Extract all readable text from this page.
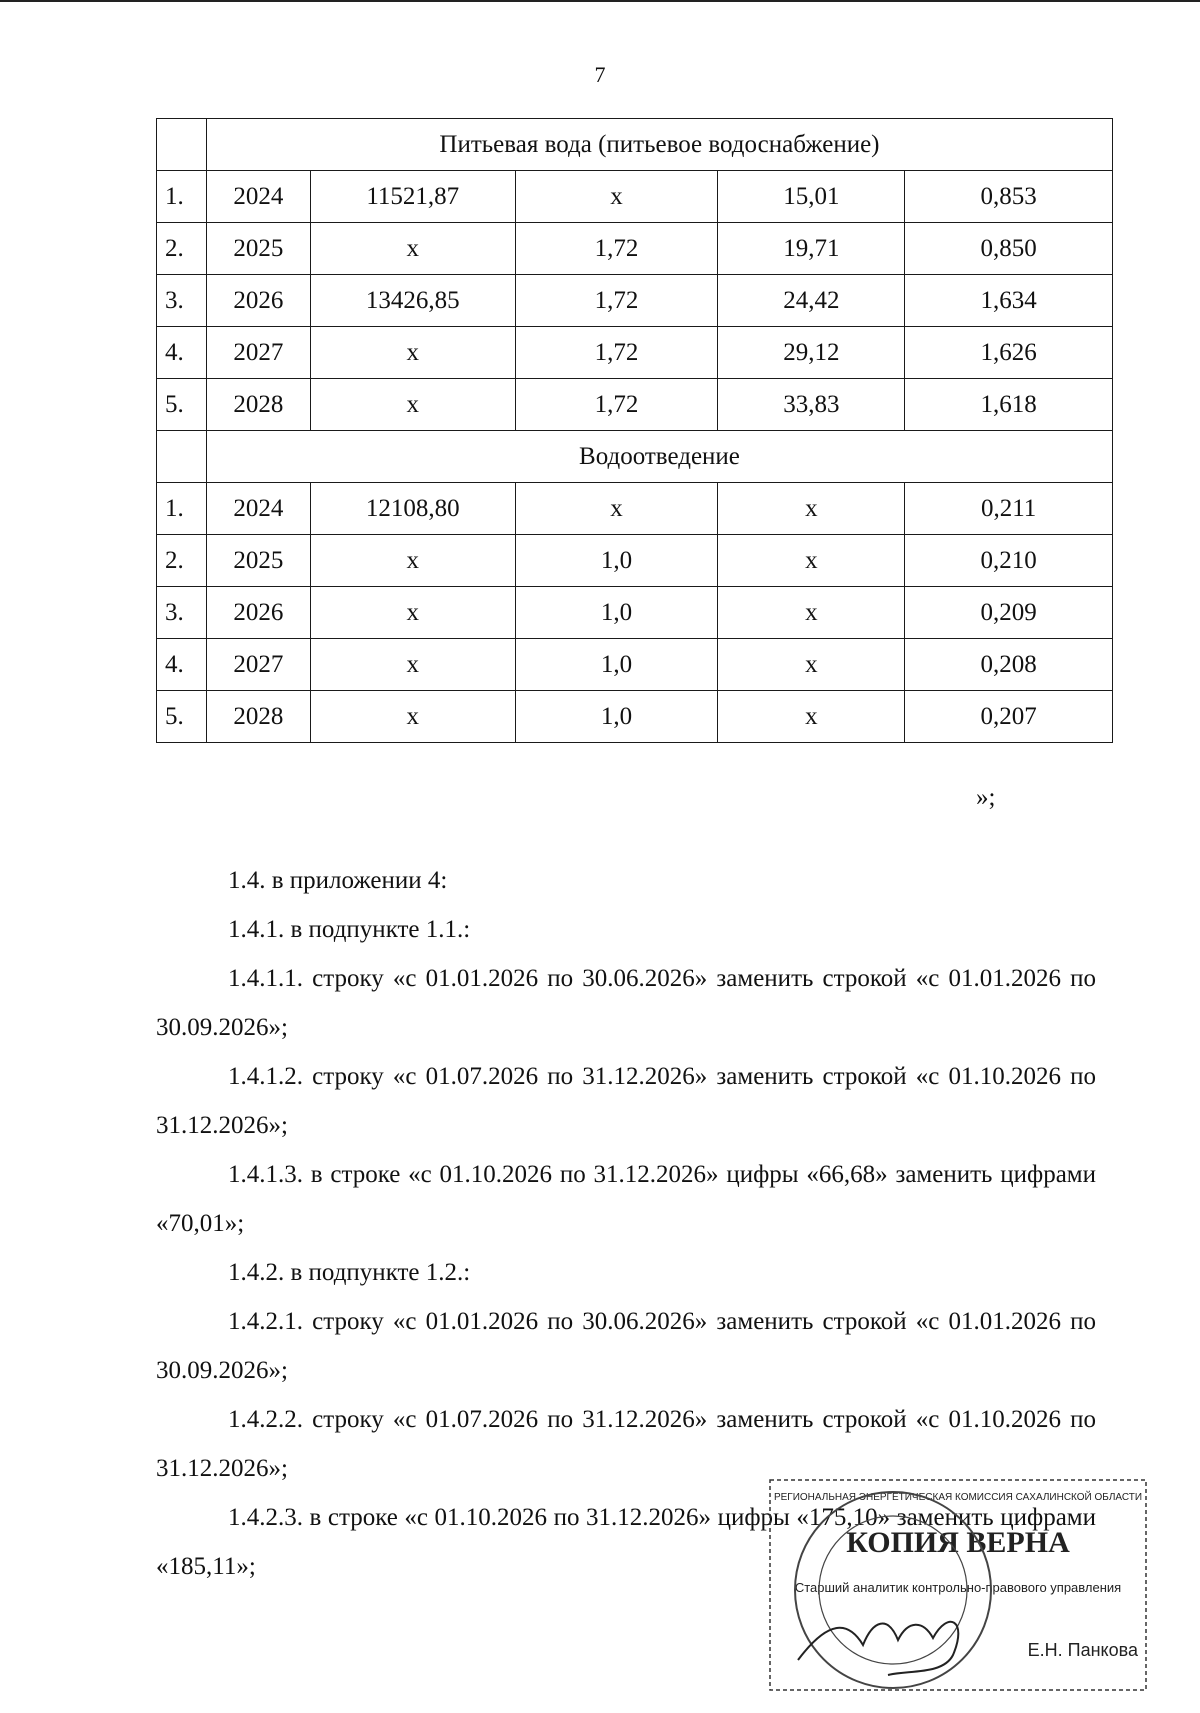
7
	Питьевая вода (питьевое водоснабжение)				
1.	2024	11521,87	х	15,01	0,853
2.	2025	х	1,72	19,71	0,850
3.	2026	13426,85	1,72	24,42	1,634
4.	2027	х	1,72	29,12	1,626
5.	2028	х	1,72	33,83	1,618
	Водоотведение				
1.	2024	12108,80	х	х	0,211
2.	2025	х	1,0	х	0,210
3.	2026	х	1,0	х	0,209
4.	2027	х	1,0	х	0,208
5.	2028	х	1,0	х	0,207
»;

1.4. в приложении 4:

1.4.1. в подпункте 1.1.:

1.4.1.1. строку «с 01.01.2026 по 30.06.2026» заменить строкой «с 01.01.2026 по 30.09.2026»;

1.4.1.2. строку «с 01.07.2026 по 31.12.2026» заменить строкой «с 01.10.2026 по 31.12.2026»;

1.4.1.3. в строке «с 01.10.2026 по 31.12.2026» цифры «66,68» заменить цифрами «70,01»;

1.4.2. в подпункте 1.2.:

1.4.2.1. строку «с 01.01.2026 по 30.06.2026» заменить строкой «с 01.01.2026 по 30.09.2026»;

1.4.2.2. строку «с 01.07.2026 по 31.12.2026» заменить строкой «с 01.10.2026 по 31.12.2026»;

1.4.2.3. в строке «с 01.10.2026 по 31.12.2026» цифры «175,10» заменить цифрами «185,11»;

РЕГИОНАЛЬНАЯ ЭНЕРГЕТИЧЕСКАЯ КОМИССИЯ САХАЛИНСКОЙ ОБЛАСТИ
КОПИЯ ВЕРНА
Старший аналитик контрольно-правового управления
Е.Н. Панкова
